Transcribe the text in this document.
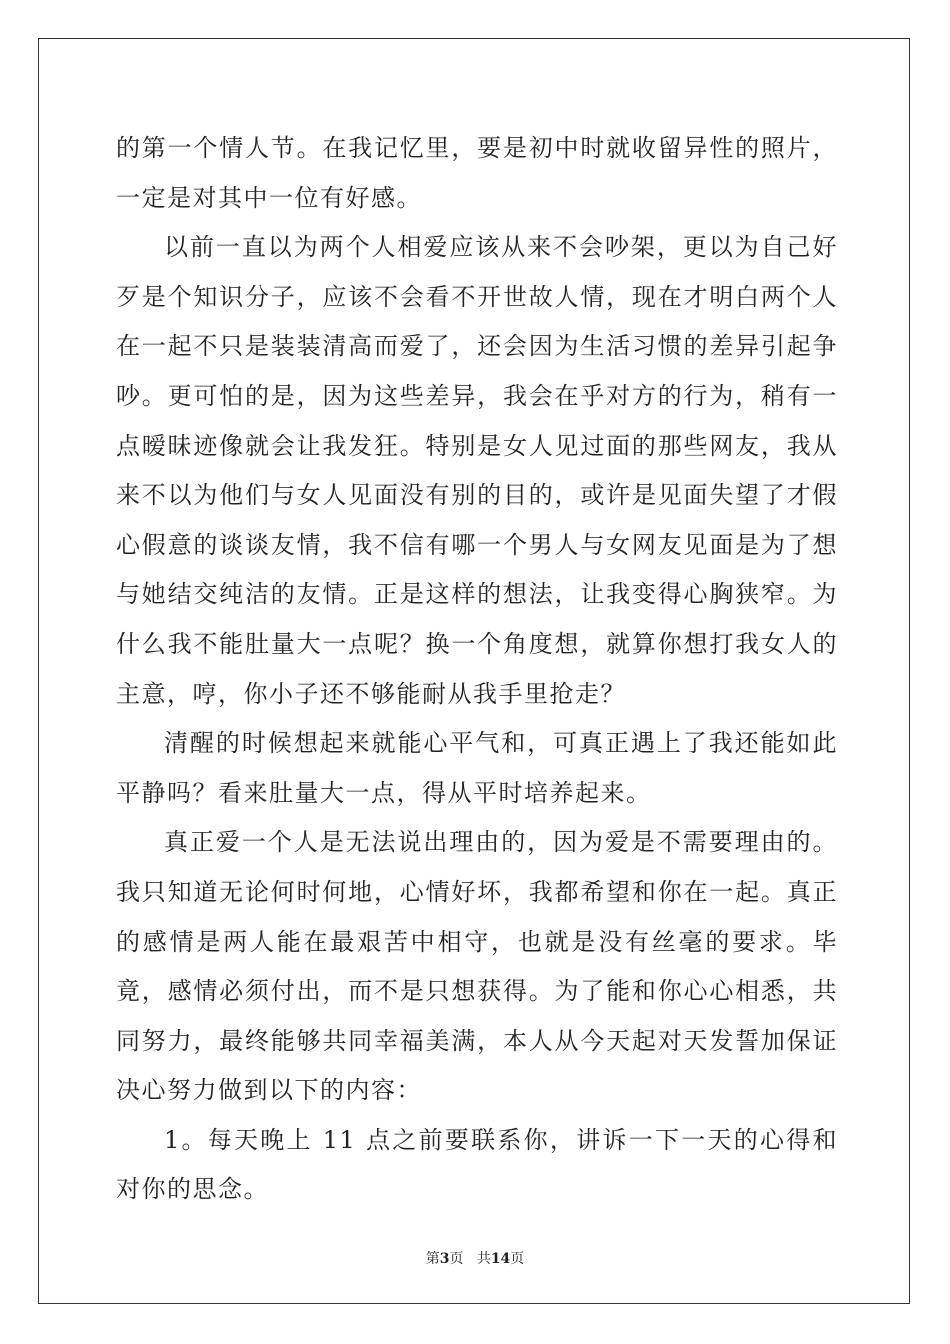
的第一个情人节。在我记忆里，要是初中时就收留异性的照片，一定是对其中一位有好感。

以前一直以为两个人相爱应该从来不会吵架，更以为自己好歹是个知识分子，应该不会看不开世故人情，现在才明白两个人在一起不只是装装清高而爱了，还会因为生活习惯的差异引起争吵。更可怕的是，因为这些差异，我会在乎对方的行为，稍有一点暧昧迹像就会让我发狂。特别是女人见过面的那些网友，我从来不以为他们与女人见面没有别的目的，或许是见面失望了才假心假意的谈谈友情，我不信有哪一个男人与女网友见面是为了想与她结交纯洁的友情。正是这样的想法，让我变得心胸狭窄。为什么我不能肚量大一点呢？换一个角度想，就算你想打我女人的主意，哼，你小子还不够能耐从我手里抢走？

清醒的时候想起来就能心平气和，可真正遇上了我还能如此平静吗？看来肚量大一点，得从平时培养起来。

真正爱一个人是无法说出理由的，因为爱是不需要理由的。我只知道无论何时何地，心情好坏，我都希望和你在一起。真正的感情是两人能在最艰苦中相守，也就是没有丝毫的要求。毕竟，感情必须付出，而不是只想获得。为了能和你心心相悉，共同努力，最终能够共同幸福美满，本人从今天起对天发誓加保证决心努力做到以下的内容：

1。每天晚上 11 点之前要联系你，讲诉一下一天的心得和对你的思念。

第3页 共14页
